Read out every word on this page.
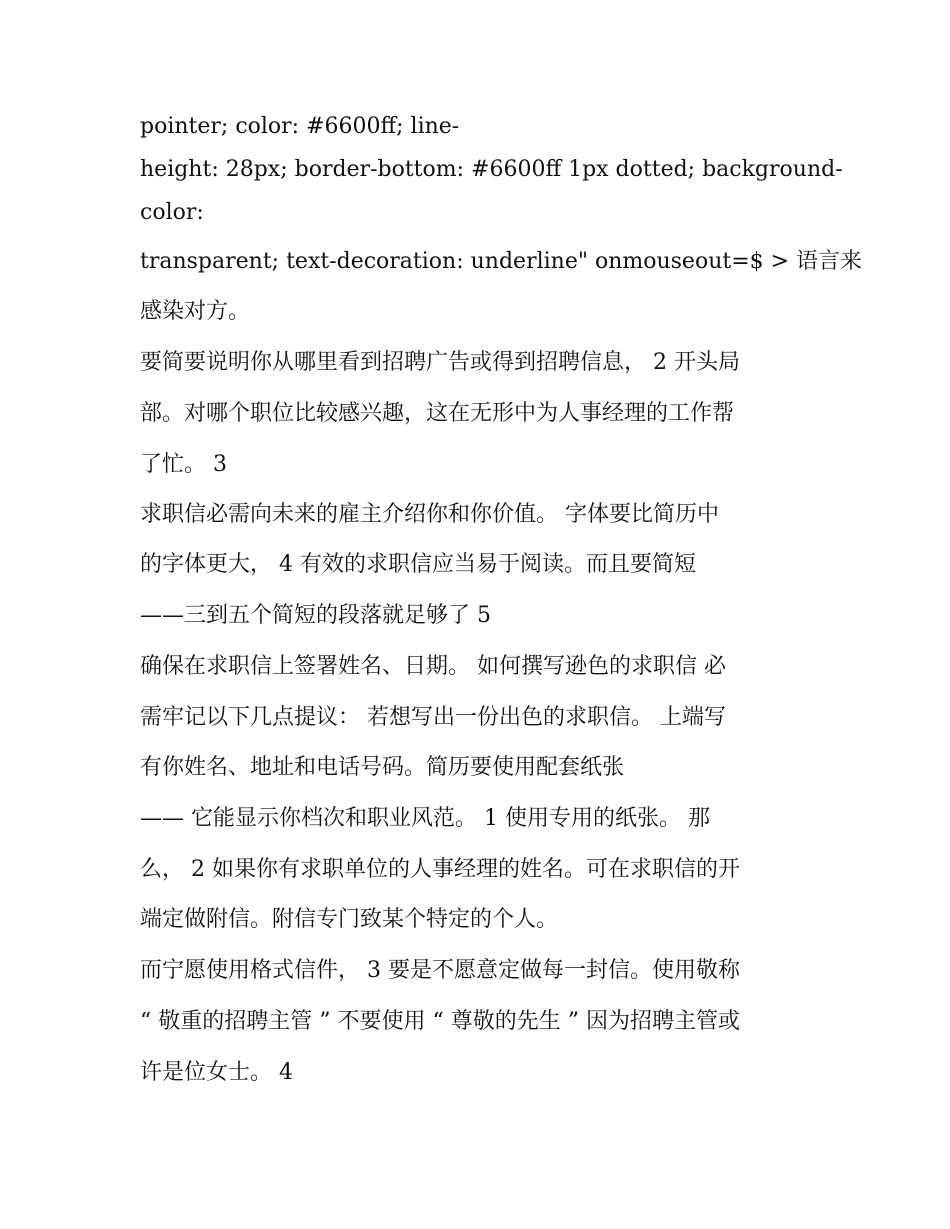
pointer; color: #6600ff; line-
height: 28px; border-bottom: #6600ff 1px dotted; background-
color:
transparent; text-decoration: underline" onmouseout=$ > 语言来
感染对方。
要简要说明你从哪里看到招聘广告或得到招聘信息， 2 开头局
部。对哪个职位比较感兴趣，这在无形中为人事经理的工作帮
了忙。 3
求职信必需向未来的雇主介绍你和你价值。 字体要比简历中
的字体更大， 4 有效的求职信应当易于阅读。而且要简短
——三到五个简短的段落就足够了 5
确保在求职信上签署姓名、日期。 如何撰写逊色的求职信 必
需牢记以下几点提议： 若想写出一份出色的求职信。 上端写
有你姓名、地址和电话号码。简历要使用配套纸张
—— 它能显示你档次和职业风范。 1 使用专用的纸张。 那
么， 2 如果你有求职单位的人事经理的姓名。可在求职信的开
端定做附信。附信专门致某个特定的个人。
而宁愿使用格式信件， 3 要是不愿意定做每一封信。使用敬称
“ 敬重的招聘主管 ” 不要使用 “ 尊敬的先生 ” 因为招聘主管或
许是位女士。 4
